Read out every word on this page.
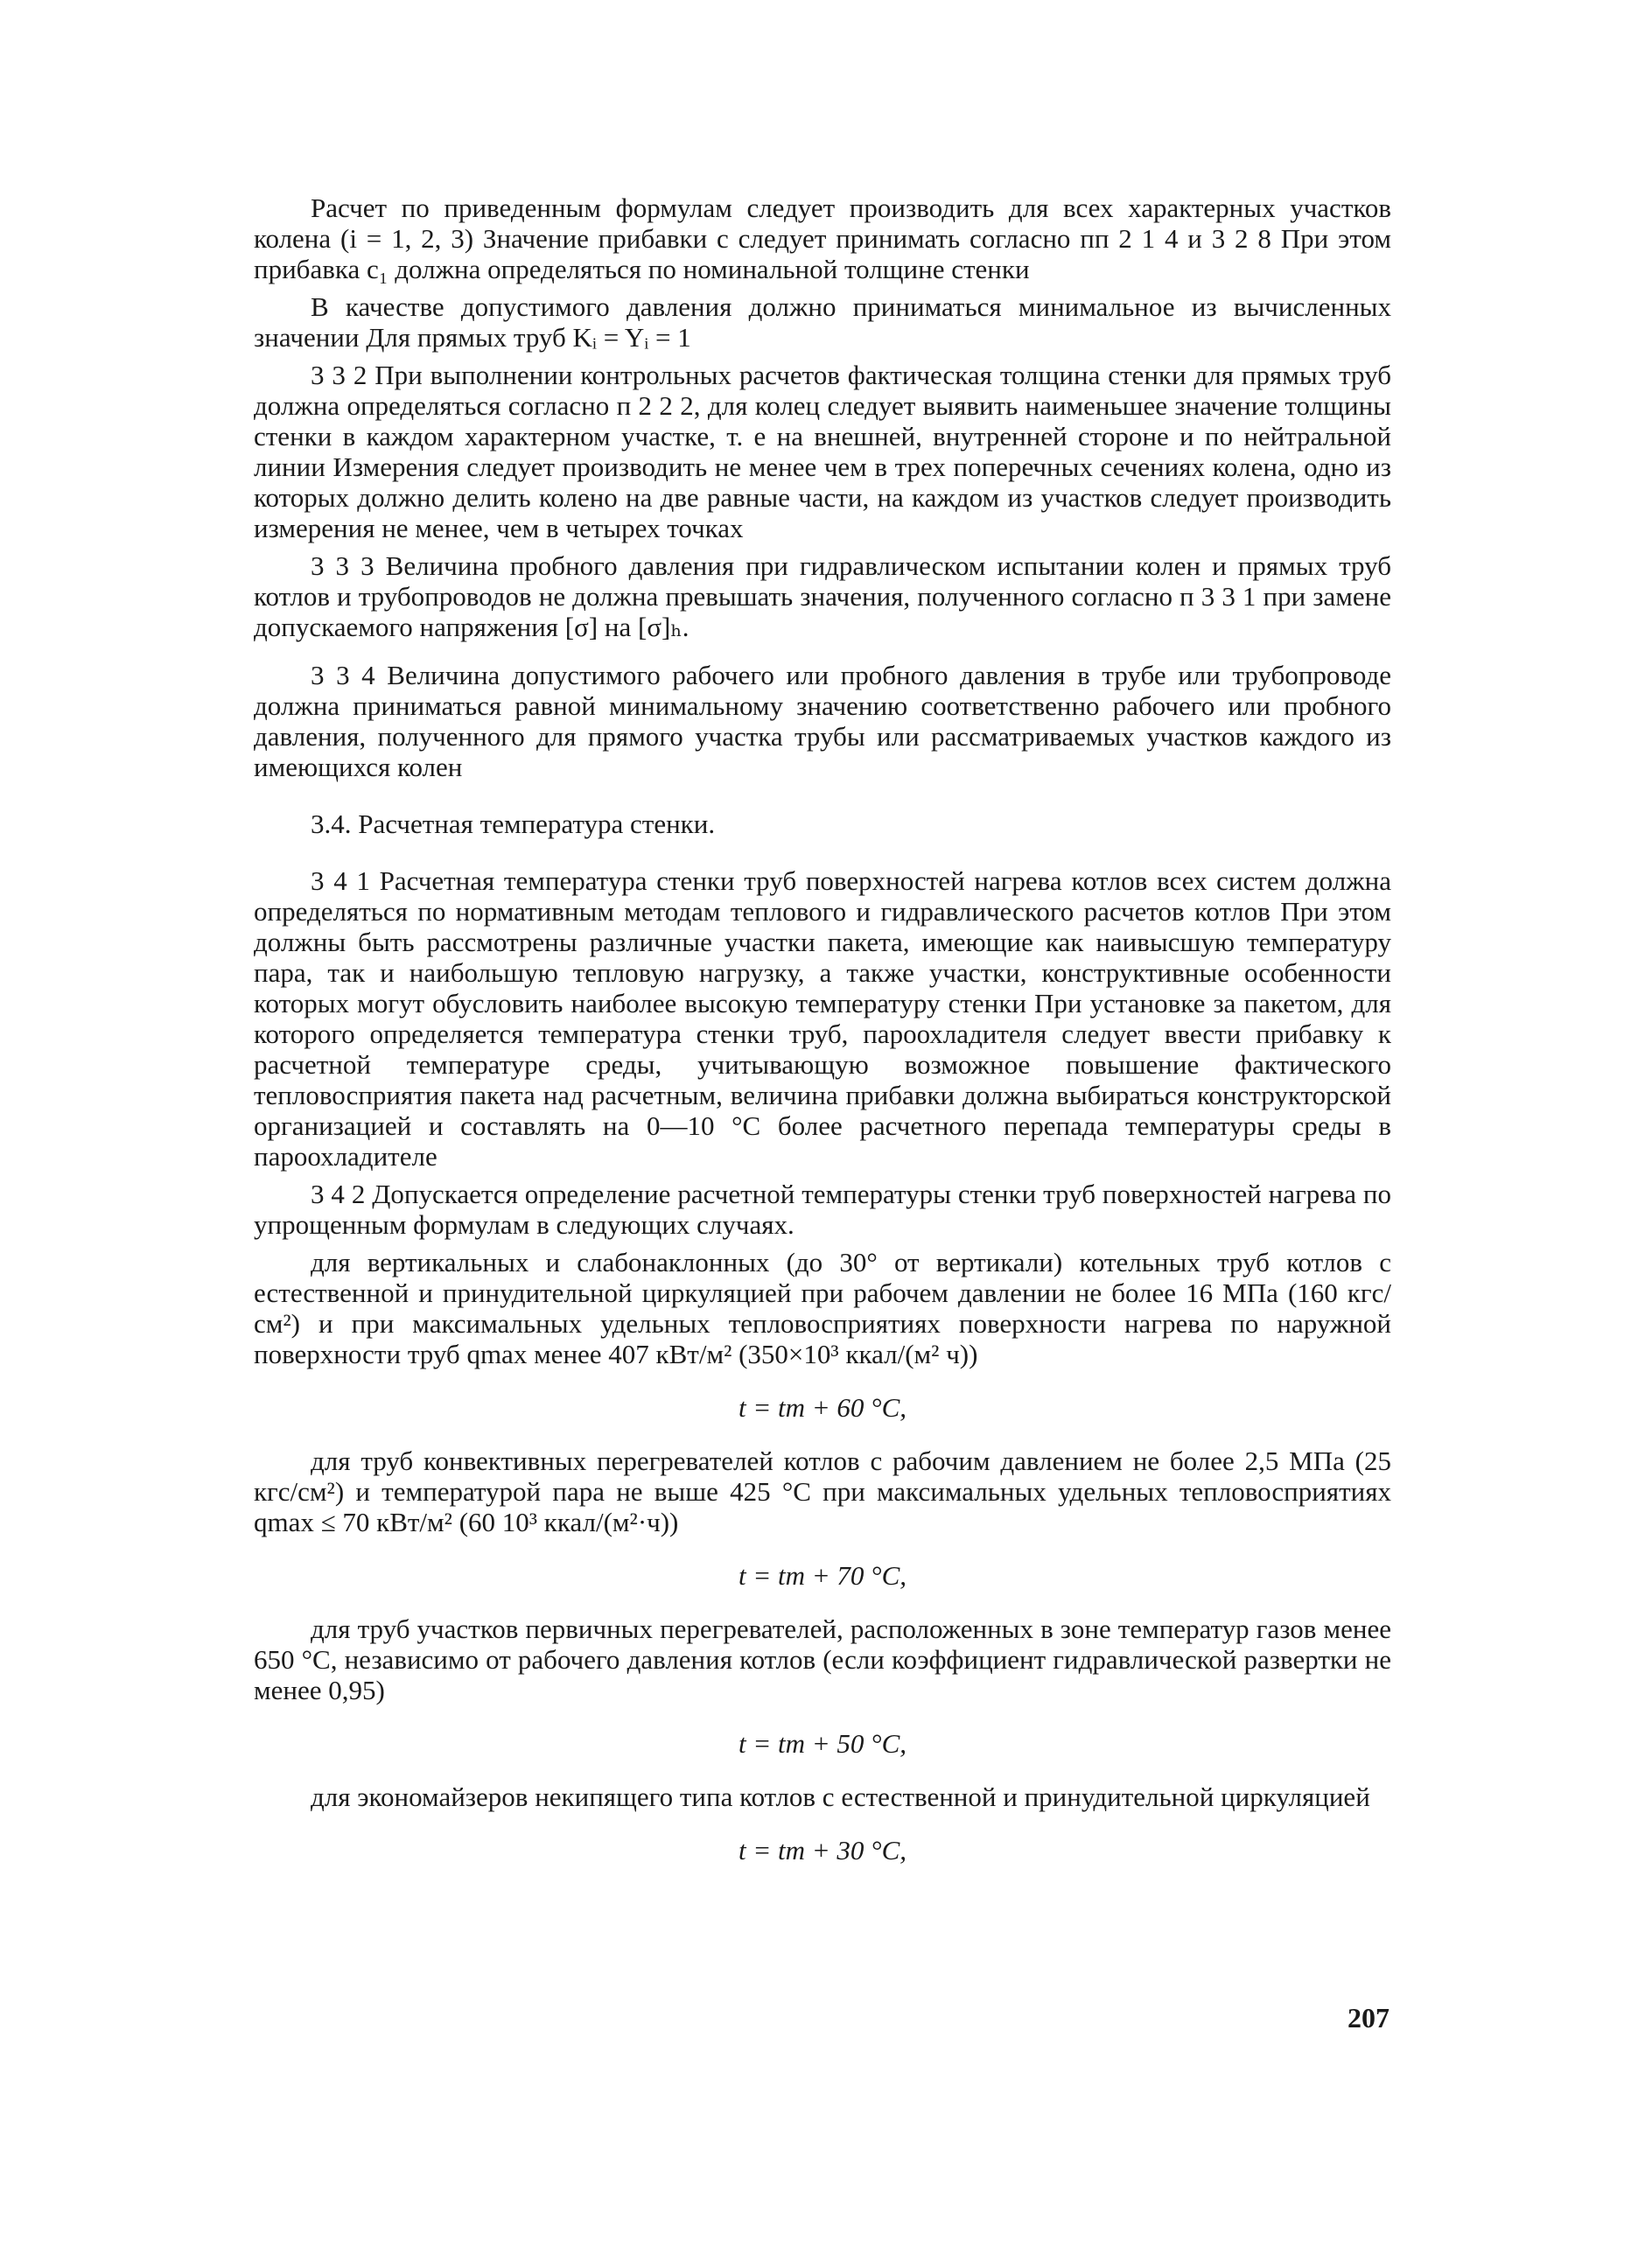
Расчет по приведенным формулам следует производить для всех характерных участков колена (i = 1, 2, 3) Значение прибавки c следует принимать согласно пп 2 1 4 и 3 2 8 При этом прибавка c₁ должна определяться по номинальной толщине стенки

В качестве допустимого давления должно приниматься минимальное из вычисленных значении Для прямых труб Kᵢ = Yᵢ = 1

3 3 2 При выполнении контрольных расчетов фактическая толщина стенки для прямых труб должна определяться согласно п 2 2 2, для колец следует выявить наименьшее значение толщины стенки в каждом характерном участке, т. е на внешней, внутренней стороне и по нейтральной линии Измерения следует производить не менее чем в трех поперечных сечениях колена, одно из которых должно делить колено на две равные части, на каждом из участков следует производить измерения не менее, чем в четырех точках

3 3 3 Величина пробного давления при гидравлическом испытании колен и прямых труб котлов и трубопроводов не должна превышать значения, полученного согласно п 3 3 1 при замене допускаемого напряжения [σ] на [σ]ₕ.

3 3 4 Величина допустимого рабочего или пробного давления в трубе или трубопроводе должна приниматься равной минимальному значению соответственно рабочего или пробного давления, полученного для прямого участка трубы или рассматриваемых участков каждого из имеющихся колен

3.4. Расчетная температура стенки.

3 4 1 Расчетная температура стенки труб поверхностей нагрева котлов всех систем должна определяться по нормативным методам теплового и гидравлического расчетов котлов При этом должны быть рассмотрены различные участки пакета, имеющие как наивысшую температуру пара, так и наибольшую тепловую нагрузку, а также участки, конструктивные особенности которых могут обусловить наиболее высокую температуру стенки При установке за пакетом, для которого определяется температура стенки труб, пароохладителя следует ввести прибавку к расчетной температуре среды, учитывающую возможное повышение фактического тепловосприятия пакета над расчетным, величина прибавки должна выбираться конструкторской организацией и составлять на 0—10 °С более расчетного перепада температуры среды в пароохладителе

3 4 2 Допускается определение расчетной температуры стенки труб поверхностей нагрева по упрощенным формулам в следующих случаях.

для вертикальных и слабонаклонных (до 30° от вертикали) котельных труб котлов с естественной и принудительной циркуляцией при рабочем давлении не более 16 МПа (160 кгс/см²) и при максимальных удельных тепловосприятиях поверхности нагрева по наружной поверхности труб qmax менее 407 кВт/м² (350×10³ ккал/(м² ч))

t = tm + 60 °C,

для труб конвективных перегревателей котлов с рабочим давлением не более 2,5 МПа (25 кгс/см²) и температурой пара не выше 425 °С при максимальных удельных тепловосприятиях qmax ≤ 70 кВт/м² (60 10³ ккал/(м²·ч))

t = tm + 70 °C,

для труб участков первичных перегревателей, расположенных в зоне температур газов менее 650 °С, независимо от рабочего давления котлов (если коэффициент гидравлической развертки не менее 0,95)

t = tm + 50 °C,

для экономайзеров некипящего типа котлов с естественной и принудительной циркуляцией

t = tm + 30 °C,

207
